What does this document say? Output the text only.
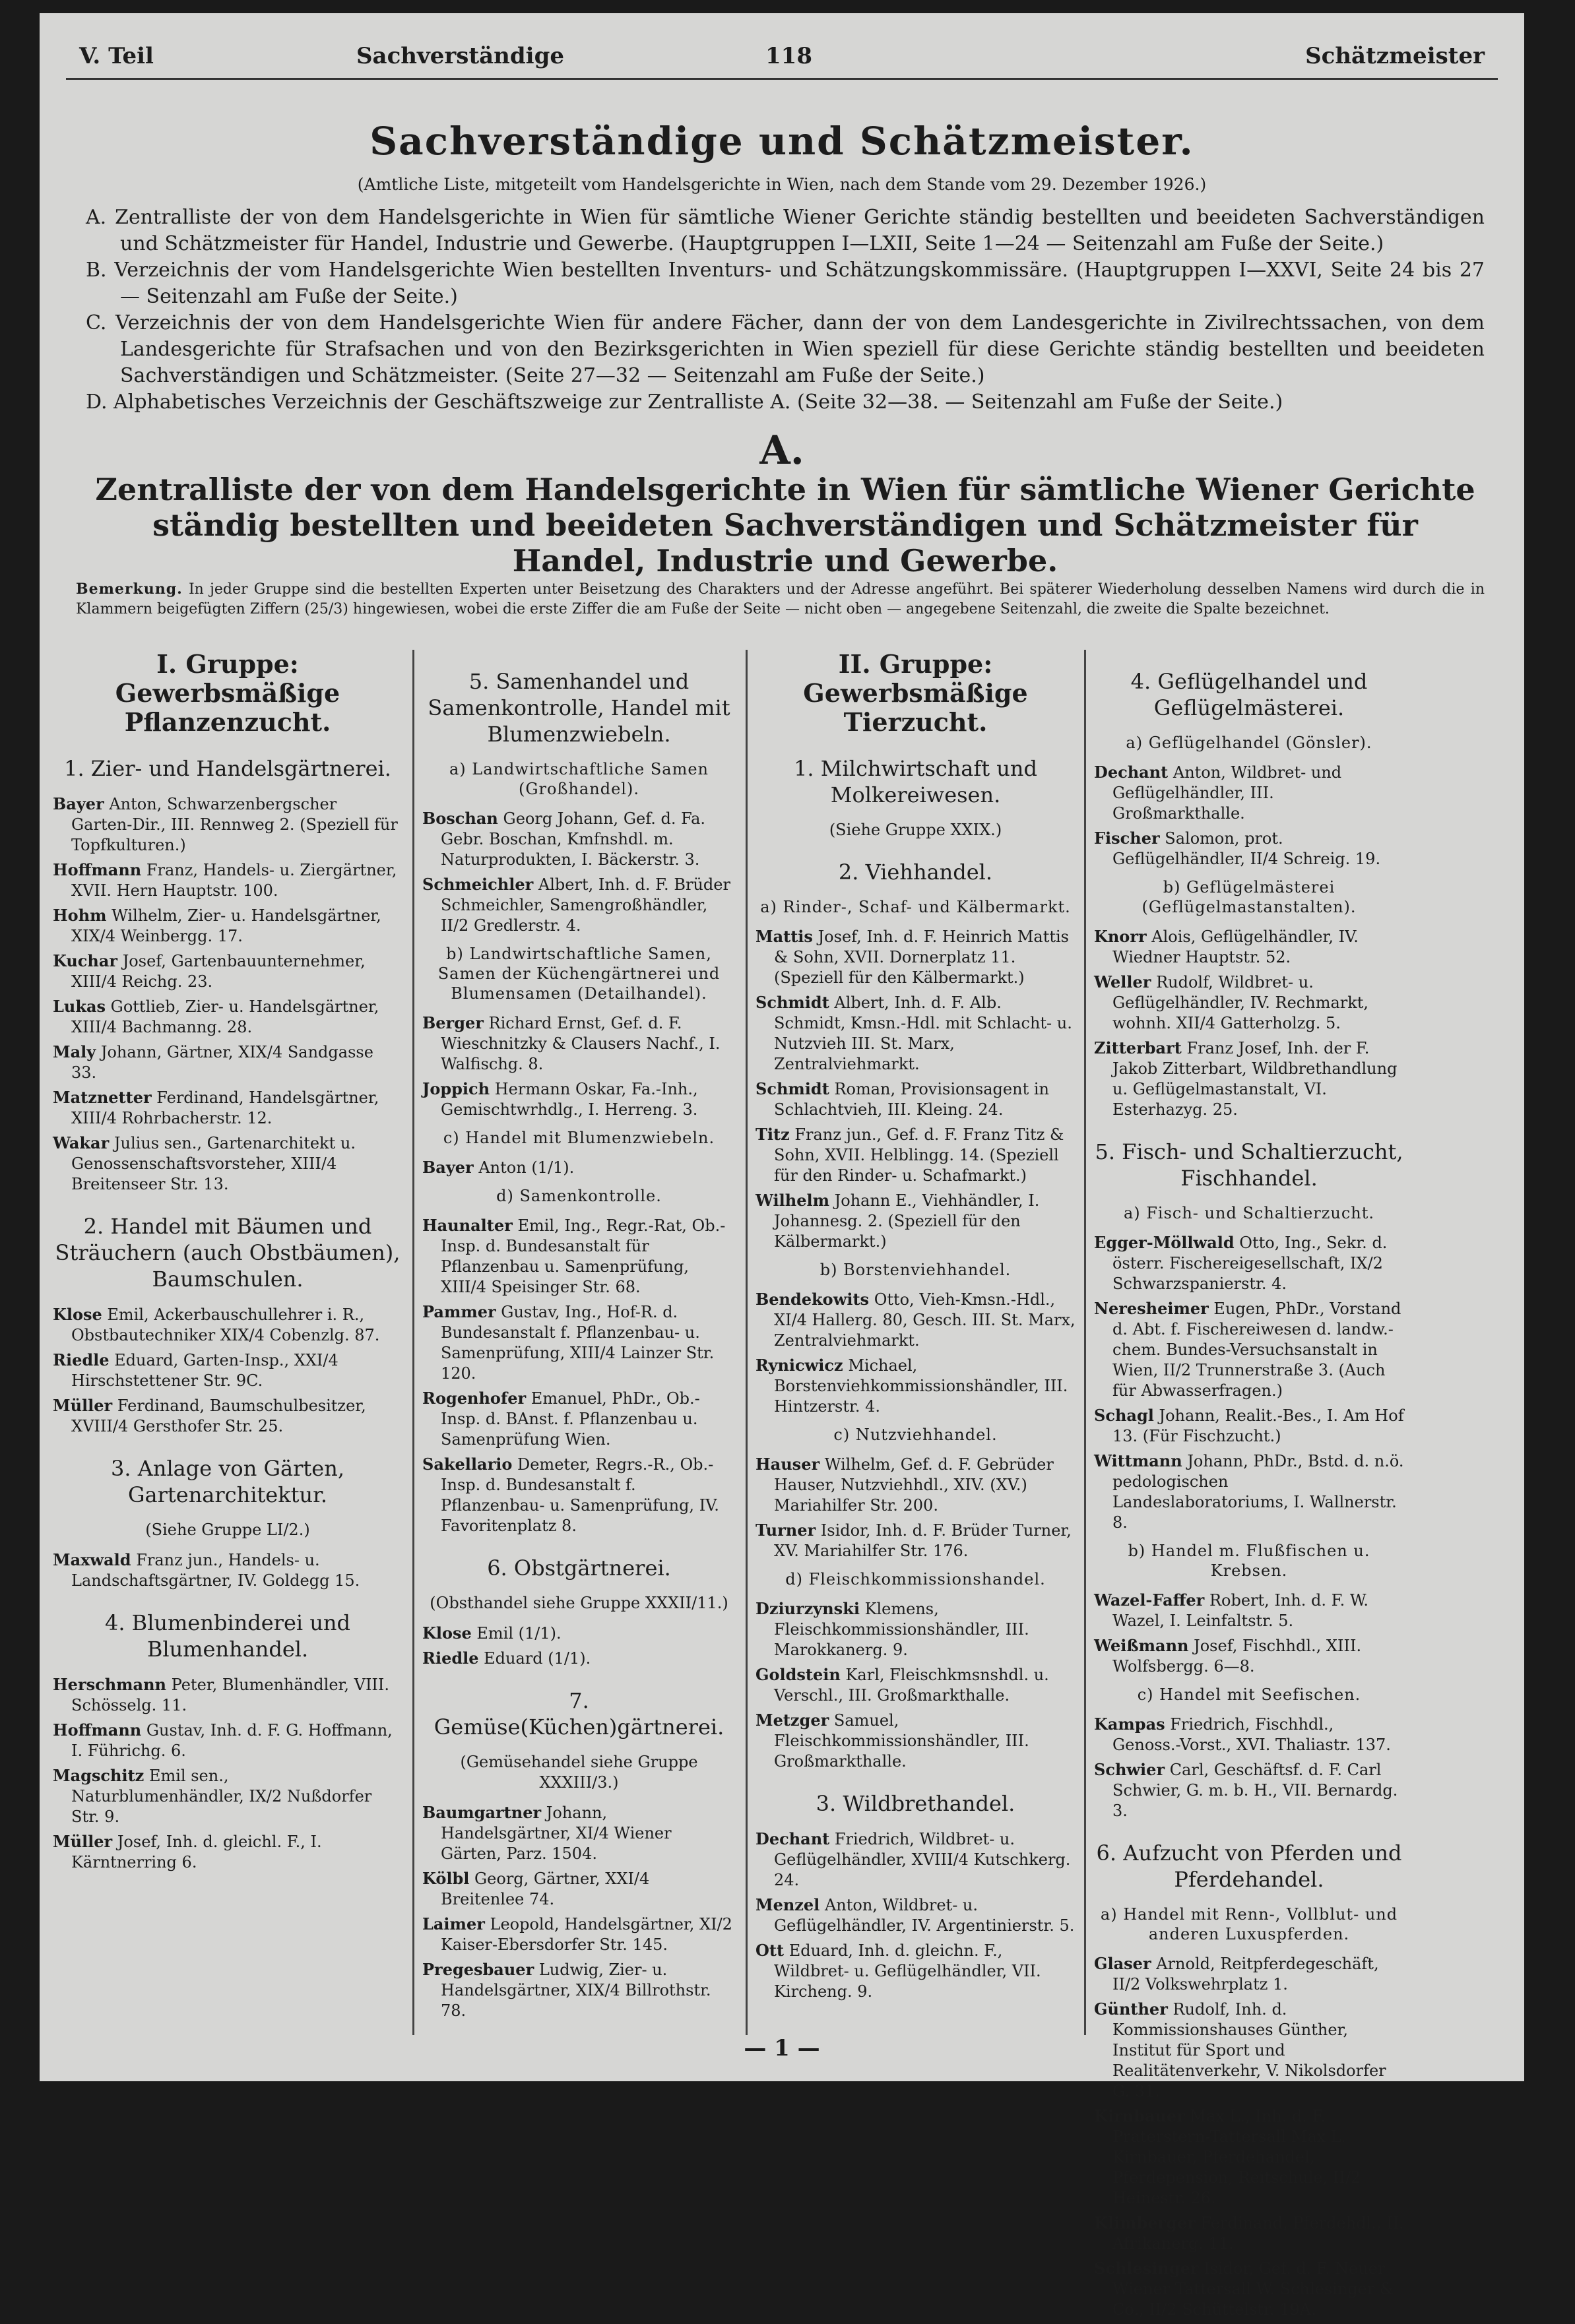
V. Teil	Sachverständige	118	Schätzmeister
Sachverständige und Schätzmeister.
(Amtliche Liste, mitgeteilt vom Handelsgerichte in Wien, nach dem Stande vom 29. Dezember 1926.)

A. Zentralliste der von dem Handelsgerichte in Wien für sämtliche Wiener Gerichte ständig bestellten und beeideten Sachverständigen und Schätzmeister für Handel, Industrie und Gewerbe. (Hauptgruppen I—LXII, Seite 1—24 — Seitenzahl am Fuße der Seite.)

B. Verzeichnis der vom Handelsgerichte Wien bestellten Inventurs- und Schätzungskommissäre. (Hauptgruppen I—XXVI, Seite 24 bis 27 — Seitenzahl am Fuße der Seite.)

C. Verzeichnis der von dem Handelsgerichte Wien für andere Fächer, dann der von dem Landesgerichte in Zivilrechtssachen, von dem Landesgerichte für Strafsachen und von den Bezirksgerichten in Wien speziell für diese Gerichte ständig bestellten und beeideten Sachverständigen und Schätzmeister. (Seite 27—32 — Seitenzahl am Fuße der Seite.)

D. Alphabetisches Verzeichnis der Geschäftszweige zur Zentralliste A. (Seite 32—38. — Seitenzahl am Fuße der Seite.)

A.
Zentralliste der von dem Handelsgerichte in Wien für sämtliche Wiener Gerichte ständig bestellten und beeideten Sachverständigen und Schätzmeister für Handel, Industrie und Gewerbe.
Bemerkung. In jeder Gruppe sind die bestellten Experten unter Beisetzung des Charakters und der Adresse angeführt. Bei späterer Wiederholung desselben Namens wird durch die in Klammern beigefügten Ziffern (25/3) hingewiesen, wobei die erste Ziffer die am Fuße der Seite — nicht oben — angegebene Seitenzahl, die zweite die Spalte bezeichnet.
I. Gruppe: Gewerbsmäßige Pflanzenzucht.
1. Zier- und Handelsgärtnerei.
Bayer Anton, Schwarzenbergscher Garten-Dir., III. Rennweg 2. (Speziell für Topfkulturen.)
Hoffmann Franz, Handels- u. Ziergärtner, XVII. Hern Hauptstr. 100.
Hohm Wilhelm, Zier- u. Handelsgärtner, XIX/4 Weinbergg. 17.
Kuchar Josef, Gartenbauunternehmer, XIII/4 Reichg. 23.
Lukas Gottlieb, Zier- u. Handelsgärtner, XIII/4 Bachmanng. 28.
Maly Johann, Gärtner, XIX/4 Sandgasse 33.
Matznetter Ferdinand, Handelsgärtner, XIII/4 Rohrbacherstr. 12.
Wakar Julius sen., Gartenarchitekt u. Genossenschaftsvorsteher, XIII/4 Breitenseer Str. 13.
2. Handel mit Bäumen und Sträuchern (auch Obstbäumen), Baumschulen.
Klose Emil, Ackerbauschullehrer i. R., Obstbautechniker XIX/4 Cobenzlg. 87.
Riedle Eduard, Garten-Insp., XXI/4 Hirschstettener Str. 9C.
Müller Ferdinand, Baumschulbesitzer, XVIII/4 Gersthofer Str. 25.
3. Anlage von Gärten, Gartenarchitektur.
(Siehe Gruppe LI/2.)
Maxwald Franz jun., Handels- u. Landschaftsgärtner, IV. Goldegg 15.
4. Blumenbinderei und Blumenhandel.
Herschmann Peter, Blumenhändler, VIII. Schösselg. 11.
Hoffmann Gustav, Inh. d. F. G. Hoffmann, I. Führichg. 6.
Magschitz Emil sen., Naturblumenhändler, IX/2 Nußdorfer Str. 9.
Müller Josef, Inh. d. gleichl. F., I. Kärntnerring 6.
5. Samenhandel und Samenkontrolle, Handel mit Blumenzwiebeln.
a) Landwirtschaftliche Samen (Großhandel).
Boschan Georg Johann, Gef. d. Fa. Gebr. Boschan, Kmfnshdl. m. Naturprodukten, I. Bäckerstr. 3.
Schmeichler Albert, Inh. d. F. Brüder Schmeichler, Samengroßhändler, II/2 Gredlerstr. 4.
b) Landwirtschaftliche Samen, Samen der Küchengärtnerei und Blumensamen (Detailhandel).
Berger Richard Ernst, Gef. d. F. Wieschnitzky & Clausers Nachf., I. Walfischg. 8.
Joppich Hermann Oskar, Fa.-Inh., Gemischtwrhdlg., I. Herreng. 3.
c) Handel mit Blumenzwiebeln.
Bayer Anton (1/1).
d) Samenkontrolle.
Haunalter Emil, Ing., Regr.-Rat, Ob.-Insp. d. Bundesanstalt für Pflanzenbau u. Samenprüfung, XIII/4 Speisinger Str. 68.
Pammer Gustav, Ing., Hof-R. d. Bundesanstalt f. Pflanzenbau- u. Samenprüfung, XIII/4 Lainzer Str. 120.
Rogenhofer Emanuel, PhDr., Ob.-Insp. d. BAnst. f. Pflanzenbau u. Samenprüfung Wien.
Sakellario Demeter, Regrs.-R., Ob.-Insp. d. Bundesanstalt f. Pflanzenbau- u. Samenprüfung, IV. Favoritenplatz 8.
6. Obstgärtnerei.
(Obsthandel siehe Gruppe XXXII/11.)
Klose Emil (1/1).
Riedle Eduard (1/1).
7. Gemüse(Küchen)gärtnerei.
(Gemüsehandel siehe Gruppe XXXIII/3.)
Baumgartner Johann, Handelsgärtner, XI/4 Wiener Gärten, Parz. 1504.
Kölbl Georg, Gärtner, XXI/4 Breitenlee 74.
Laimer Leopold, Handelsgärtner, XI/2 Kaiser-Ebersdorfer Str. 145.
Pregesbauer Ludwig, Zier- u. Handelsgärtner, XIX/4 Billrothstr. 78.
II. Gruppe: Gewerbsmäßige Tierzucht.
1. Milchwirtschaft und Molkereiwesen.
(Siehe Gruppe XXIX.)
2. Viehhandel.
a) Rinder-, Schaf- und Kälbermarkt.
Mattis Josef, Inh. d. F. Heinrich Mattis & Sohn, XVII. Dornerplatz 11. (Speziell für den Kälbermarkt.)
Schmidt Albert, Inh. d. F. Alb. Schmidt, Kmsn.-Hdl. mit Schlacht- u. Nutzvieh III. St. Marx, Zentralviehmarkt.
Schmidt Roman, Provisionsagent in Schlachtvieh, III. Kleing. 24.
Titz Franz jun., Gef. d. F. Franz Titz & Sohn, XVII. Helblingg. 14. (Speziell für den Rinder- u. Schafmarkt.)
Wilhelm Johann E., Viehhändler, I. Johannesg. 2. (Speziell für den Kälbermarkt.)
b) Borstenviehhandel.
Bendekowits Otto, Vieh-Kmsn.-Hdl., XI/4 Hallerg. 80, Gesch. III. St. Marx, Zentralviehmarkt.
Rynicwicz Michael, Borstenviehkommissionshändler, III. Hintzerstr. 4.
c) Nutzviehhandel.
Hauser Wilhelm, Gef. d. F. Gebrüder Hauser, Nutzviehhdl., XIV. (XV.) Mariahilfer Str. 200.
Turner Isidor, Inh. d. F. Brüder Turner, XV. Mariahilfer Str. 176.
d) Fleischkommissionshandel.
Dziurzynski Klemens, Fleischkommissionshändler, III. Marokkanerg. 9.
Goldstein Karl, Fleischkmsnshdl. u. Verschl., III. Großmarkthalle.
Metzger Samuel, Fleischkommissionshändler, III. Großmarkthalle.
3. Wildbrethandel.
Dechant Friedrich, Wildbret- u. Geflügelhändler, XVIII/4 Kutschkerg. 24.
Menzel Anton, Wildbret- u. Geflügelhändler, IV. Argentinierstr. 5.
Ott Eduard, Inh. d. gleichn. F., Wildbret- u. Geflügelhändler, VII. Kircheng. 9.
4. Geflügelhandel und Geflügelmästerei.
a) Geflügelhandel (Gönsler).
Dechant Anton, Wildbret- und Geflügelhändler, III. Großmarkthalle.
Fischer Salomon, prot. Geflügelhändler, II/4 Schreig. 19.
b) Geflügelmästerei (Geflügelmastanstalten).
Knorr Alois, Geflügelhändler, IV. Wiedner Hauptstr. 52.
Weller Rudolf, Wildbret- u. Geflügelhändler, IV. Rechmarkt, wohnh. XII/4 Gatterholzg. 5.
Zitterbart Franz Josef, Inh. der F. Jakob Zitterbart, Wildbrethandlung u. Geflügelmastanstalt, VI. Esterhazyg. 25.
5. Fisch- und Schaltierzucht, Fischhandel.
a) Fisch- und Schaltierzucht.
Egger-Möllwald Otto, Ing., Sekr. d. österr. Fischereigesellschaft, IX/2 Schwarzspanierstr. 4.
Neresheimer Eugen, PhDr., Vorstand d. Abt. f. Fischereiwesen d. landw.-chem. Bundes-Versuchsanstalt in Wien, II/2 Trunnerstraße 3. (Auch für Abwasserfragen.)
Schagl Johann, Realit.-Bes., I. Am Hof 13. (Für Fischzucht.)
Wittmann Johann, PhDr., Bstd. d. n.ö. pedologischen Landeslaboratoriums, I. Wallnerstr. 8.
b) Handel m. Flußfischen u. Krebsen.
Wazel-Faffer Robert, Inh. d. F. W. Wazel, I. Leinfaltstr. 5.
Weißmann Josef, Fischhdl., XIII. Wolfsbergg. 6—8.
c) Handel mit Seefischen.
Kampas Friedrich, Fischhdl., Genoss.-Vorst., XVI. Thaliastr. 137.
Schwier Carl, Geschäftsf. d. F. Carl Schwier, G. m. b. H., VII. Bernardg. 3.
6. Aufzucht von Pferden und Pferdehandel.
a) Handel mit Renn-, Vollblut- und anderen Luxuspferden.
Glaser Arnold, Reitpferdegeschäft, II/2 Volkswehrplatz 1.
Günther Rudolf, Inh. d. Kommissionshauses Günther, Institut für Sport und Realitätenverkehr, V. Nikolsdorfer G. 31.
Kirnbauer Max L., Inh. d. F. Praterstern-Tattersall Max L. Kirnbauer, Pferdehandel, Pferdepension, Reitschule, II/2 Heinestr. 26.
Klimberger Ferdinand, Pferdehdl., II. Afrikanerg. 11.
Schlesinger Isidor, Gef. d. F. Neuer Wiener Tattersall W. Schlesinger & Co., II/2 Schüttelstr. 19A.
— 1 —
